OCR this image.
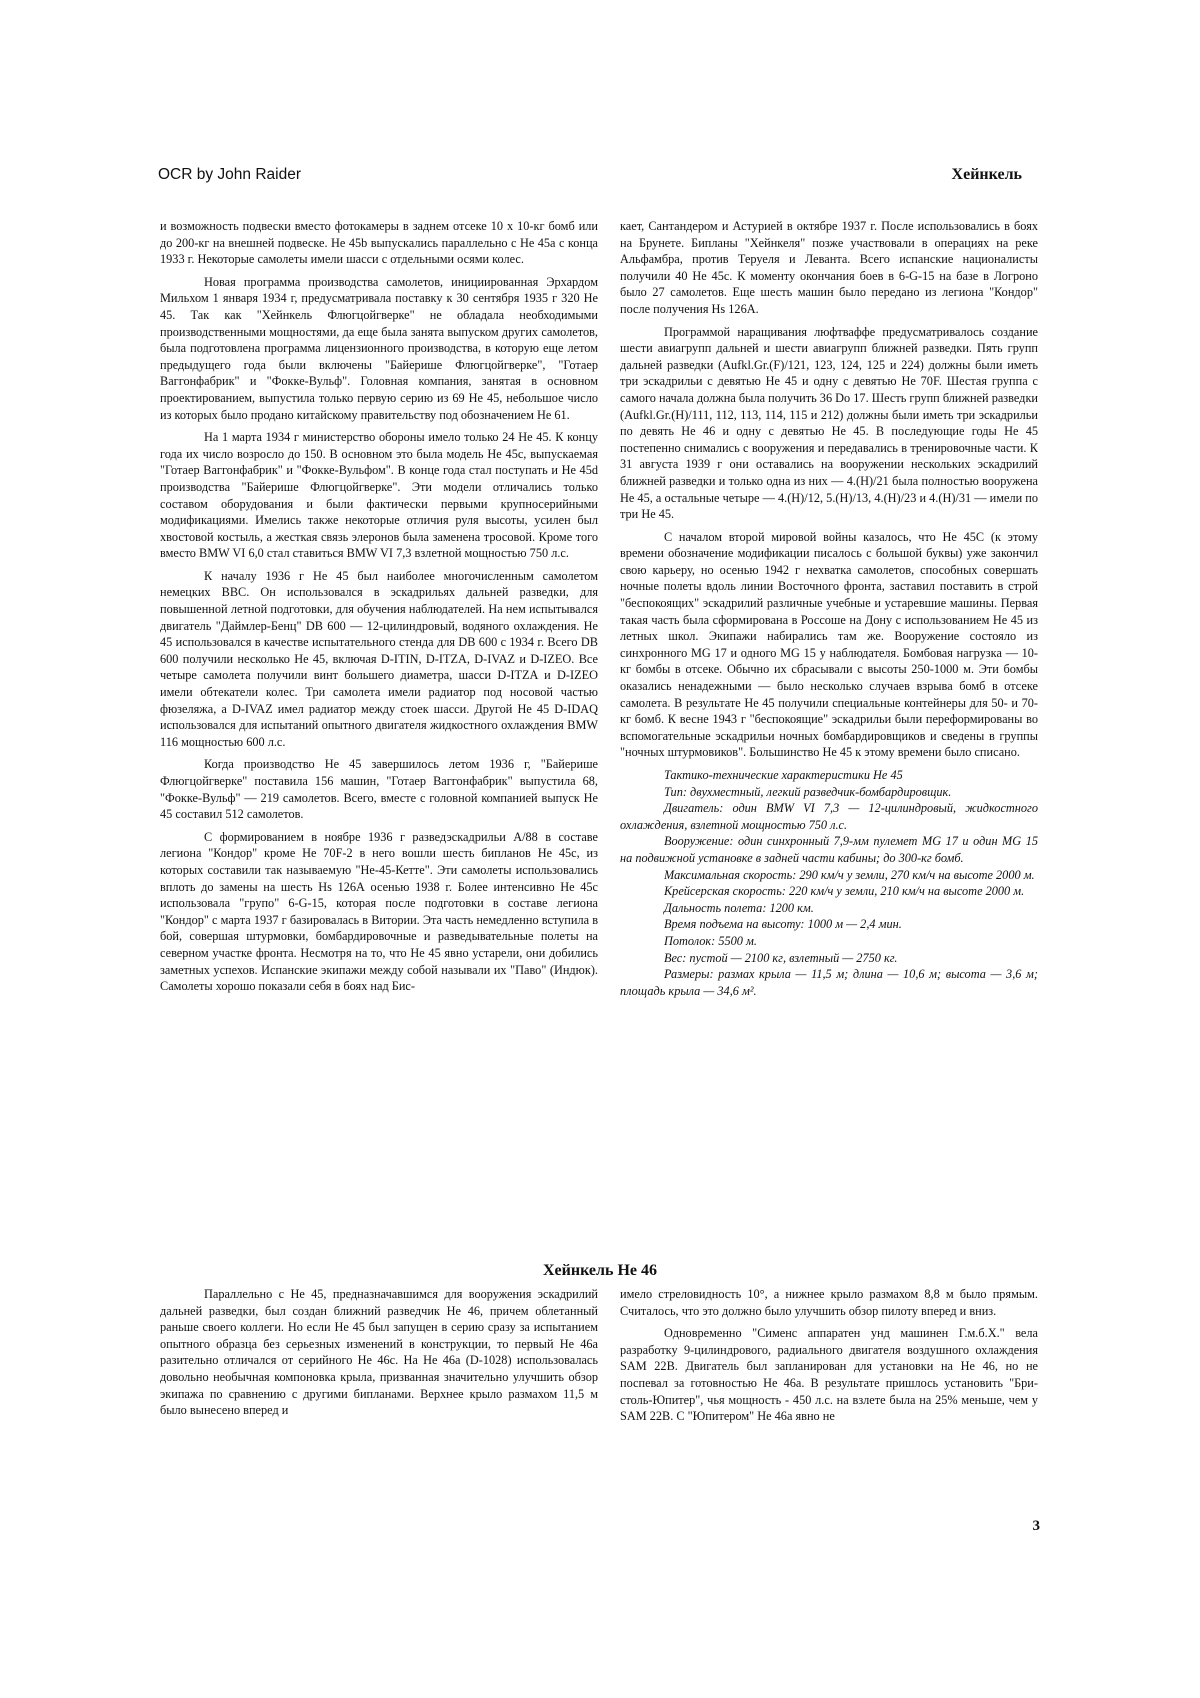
OCR by John Raider	Хейнкель

и возможность подвески вместо фотокамеры в заднем отсеке 10 х 10-кг бомб или до 200-кг на внешней подвеске. Не 45b выпускались параллельно с Не 45а с конца 1933 г. Некоторые самолеты имели шасси с отдельными осями колес.

Новая программа производства самолетов, инициированная Эрхардом Мильхом 1 января 1934 г, предусматривала поставку к 30 сентября 1935 г 320 Не 45. Так как "Хейнкель Флюгцойгверке" не обладала необходимыми производственными мощностями, да еще была занята выпуском других самолетов, была подготовлена программа лицензионного производства, в которую еще летом предыдущего года были включены "Байерише Флюгцойгверке", "Готаер Ваггонфабрик" и "Фокке-Вульф". Головная компания, занятая в основном проектированием, выпустила только первую серию из 69 Не 45, небольшое число из которых было продано китайскому правительству под обозначением Не 61.

На 1 марта 1934 г министерство обороны имело только 24 Не 45. К концу года их число возросло до 150. В основном это была модель Не 45с, выпускаемая "Готаер Ваггонфабрик" и "Фокке-Вульфом". В конце года стал поступать и Не 45d производства "Байерише Флюгцойгверке". Эти модели отличались только составом оборудования и были фактически первыми крупносерийными модификациями. Имелись также некоторые отличия руля высоты, усилен был хвостовой костыль, а жесткая связь элеронов была заменена тросовой. Кроме того вместо BMW VI 6,0 стал ставиться BMW VI 7,3 взлетной мощностью 750 л.с.

К началу 1936 г Не 45 был наиболее многочисленным самолетом немецких ВВС. Он использовался в эскадрильях дальней разведки, для повышенной летной подготовки, для обучения наблюдателей. На нем испытывался двигатель "Даймлер-Бенц" DB 600 — 12-цилиндровый, водяного охлаждения. Не 45 использовался в качестве испытательного стенда для DB 600 с 1934 г. Всего DB 600 получили несколько Не 45, включая D-ITIN, D-ITZA, D-IVAZ и D-IZEO. Все четыре самолета получили винт большего диаметра, шасси D-ITZA и D-IZEO имели обтекатели колес. Три самолета имели радиатор под носовой частью фюзеляжа, а D-IVAZ имел радиатор между стоек шасси. Другой Не 45 D-IDAQ использовался для испытаний опытного двигателя жидкостного охлаждения BMW 116 мощностью 600 л.с.

Когда производство Не 45 завершилось летом 1936 г, "Байерише Флюгцойгверке" поставила 156 машин, "Готаер Ваггонфабрик" выпустила 68, "Фокке-Вульф" — 219 самолетов. Всего, вместе с головной компанией выпуск Не 45 составил 512 самолетов.

С формированием в ноябре 1936 г разведэскадрильи А/88 в составе легиона "Кондор" кроме Не 70F-2 в него вошли шесть бипланов Не 45с, из которых составили так называемую "Не-45-Кетте". Эти самолеты использовались вплоть до замены на шесть Hs 126А осенью 1938 г. Более интенсивно Не 45с использовала "групо" 6-G-15, которая после подготовки в составе легиона "Кондор" с марта 1937 г базировалась в Витории. Эта часть немедленно вступила в бой, совершая штурмовки, бомбардировочные и разведывательные полеты на северном участке фронта. Несмотря на то, что Не 45 явно устарели, они добились заметных успехов. Испанские экипажи между собой называли их "Паво" (Индюк). Самолеты хорошо показали себя в боях над Бис-

кает, Сантандером и Астурией в октябре 1937 г. После использовались в боях на Брунете. Бипланы "Хейнкеля" позже участвовали в операциях на реке Альфамбра, против Теруеля и Леванта. Всего испанские националисты получили 40 Не 45с. К моменту окончания боев в 6-G-15 на базе в Логроно было 27 самолетов. Еще шесть машин было передано из легиона "Кондор" после получения Hs 126А.

Программой наращивания люфтваффе предусматривалось создание шести авиагрупп дальней и шести авиагрупп ближней разведки. Пять групп дальней разведки (Aufkl.Gr.(F)/121, 123, 124, 125 и 224) должны были иметь три эскадрильи с девятью Не 45 и одну с девятью Не 70F. Шестая группа с самого начала должна была получить 36 Do 17. Шесть групп ближней разведки (Aufkl.Gr.(H)/111, 112, 113, 114, 115 и 212) должны были иметь три эскадрильи по девять Не 46 и одну с девятью Не 45. В последующие годы Не 45 постепенно снимались с вооружения и передавались в тренировочные части. К 31 августа 1939 г они оставались на вооружении нескольких эскадрилий ближней разведки и только одна из них — 4.(Н)/21 была полностью вооружена Не 45, а остальные четыре — 4.(Н)/12, 5.(Н)/13, 4.(Н)/23 и 4.(Н)/31 — имели по три Не 45.

С началом второй мировой войны казалось, что Не 45С (к этому времени обозначение модификации писалось с большой буквы) уже закончил свою карьеру, но осенью 1942 г нехватка самолетов, способных совершать ночные полеты вдоль линии Восточного фронта, заставил поставить в строй "беспокоящих" эскадрилий различные учебные и устаревшие машины. Первая такая часть была сформирована в Россоше на Дону с использованием Не 45 из летных школ. Экипажи набирались там же. Вооружение состояло из синхронного MG 17 и одного MG 15 у наблюдателя. Бомбовая нагрузка — 10-кг бомбы в отсеке. Обычно их сбрасывали с высоты 250-1000 м. Эти бомбы оказались ненадежными — было несколько случаев взрыва бомб в отсеке самолета. В результате Не 45 получили специальные контейнеры для 50- и 70-кг бомб. К весне 1943 г "беспокоящие" эскадрильи были переформированы во вспомогательные эскадрильи ночных бомбардировщиков и сведены в группы "ночных штурмовиков". Большинство Не 45 к этому времени было списано.

Тактико-технические характеристики Не 45

Тип: двухместный, легкий разведчик-бомбардировщик.

Двигатель: один BMW VI 7,3 — 12-цилиндровый, жидкостного охлаждения, взлетной мощностью 750 л.с.

Вооружение: один синхронный 7,9-мм пулемет MG 17 и один MG 15 на подвижной установке в задней части кабины; до 300-кг бомб.

Максимальная скорость: 290 км/ч у земли, 270 км/ч на высоте 2000 м.

Крейсерская скорость: 220 км/ч у земли, 210 км/ч на высоте 2000 м.

Дальность полета: 1200 км.

Время подъема на высоту: 1000 м — 2,4 мин.

Потолок: 5500 м.

Вес: пустой — 2100 кг, взлетный — 2750 кг.

Размеры: размах крыла — 11,5 м; длина — 10,6 м; высота — 3,6 м; площадь крыла — 34,6 м².

Хейнкель Не 46

Параллельно с Не 45, предназначавшимся для вооружения эскадрилий дальней разведки, был создан ближний разведчик Не 46, причем облетанный раньше своего коллеги. Но если Не 45 был запущен в серию сразу за испытанием опытного образца без серьезных изменений в конструкции, то первый Не 46а разительно отличался от серийного Не 46с. На Не 46а (D-1028) использовалась довольно необычная компоновка крыла, призванная значительно улучшить обзор экипажа по сравнению с другими бипланами. Верхнее крыло размахом 11,5 м было вынесено вперед и

имело стреловидность 10°, а нижнее крыло размахом 8,8 м было прямым. Считалось, что это должно было улучшить обзор пилоту вперед и вниз.

Одновременно "Сименс аппаратен унд машинен Г.м.б.Х." вела разработку 9-цилиндрового, радиального двигателя воздушного охлаждения SAM 22В. Двигатель был запланирован для установки на Не 46, но не поспевал за готовностью Не 46а. В результате пришлось установить "Бристоль-Юпитер", чья мощность - 450 л.с. на взлете была на 25% меньше, чем у SAM 22В. С "Юпитером" Не 46а явно не

3
